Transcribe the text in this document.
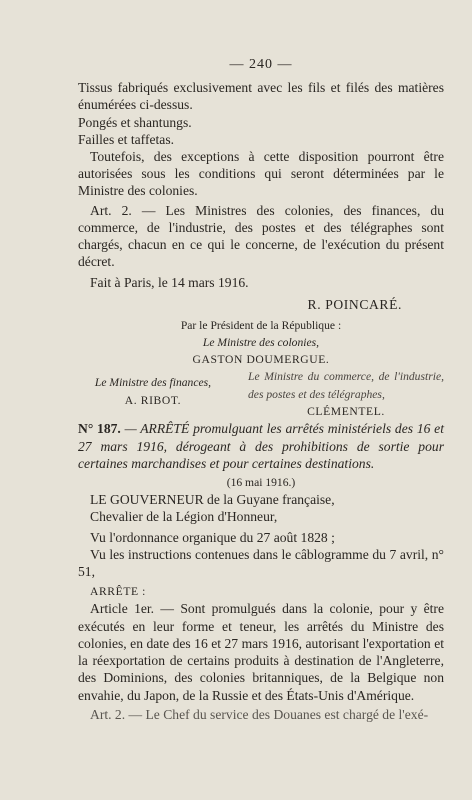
— 240 —

Tissus fabriqués exclusivement avec les fils et filés des matières énumérées ci-dessus.

Pongés et shantungs.

Failles et taffetas.

Toutefois, des exceptions à cette disposition pourront être autorisées sous les conditions qui seront déterminées par le Ministre des colonies.

Art. 2. — Les Ministres des colonies, des finances, du commerce, de l'industrie, des postes et des télégraphes sont chargés, chacun en ce qui le concerne, de l'exécution du présent décret.

Fait à Paris, le 14 mars 1916.

R. POINCARÉ.

Par le Président de la République :

Le Ministre des colonies,

GASTON DOUMERGUE.

Le Ministre des finances,
A. RIBOT.
Le Ministre du commerce, de l'industrie, des postes et des télégraphes,
CLÉMENTEL.

N° 187. — ARRÊTÉ promulguant les arrêtés ministériels des 16 et 27 mars 1916, dérogeant à des prohibitions de sortie pour certaines marchandises et pour certaines destinations.

(16 mai 1916.)

LE GOUVERNEUR de la Guyane française,

Chevalier de la Légion d'Honneur,

Vu l'ordonnance organique du 27 août 1828 ;

Vu les instructions contenues dans le câblogramme du 7 avril, n° 51,

ARRÊTE :

Article 1er. — Sont promulgués dans la colonie, pour y être exécutés en leur forme et teneur, les arrêtés du Ministre des colonies, en date des 16 et 27 mars 1916, autorisant l'exportation et la réexportation de certains produits à destination de l'Angleterre, des Dominions, des colonies britanniques, de la Belgique non envahie, du Japon, de la Russie et des États-Unis d'Amérique.

Art. 2. — Le Chef du service des Douanes est chargé de l'exé-
